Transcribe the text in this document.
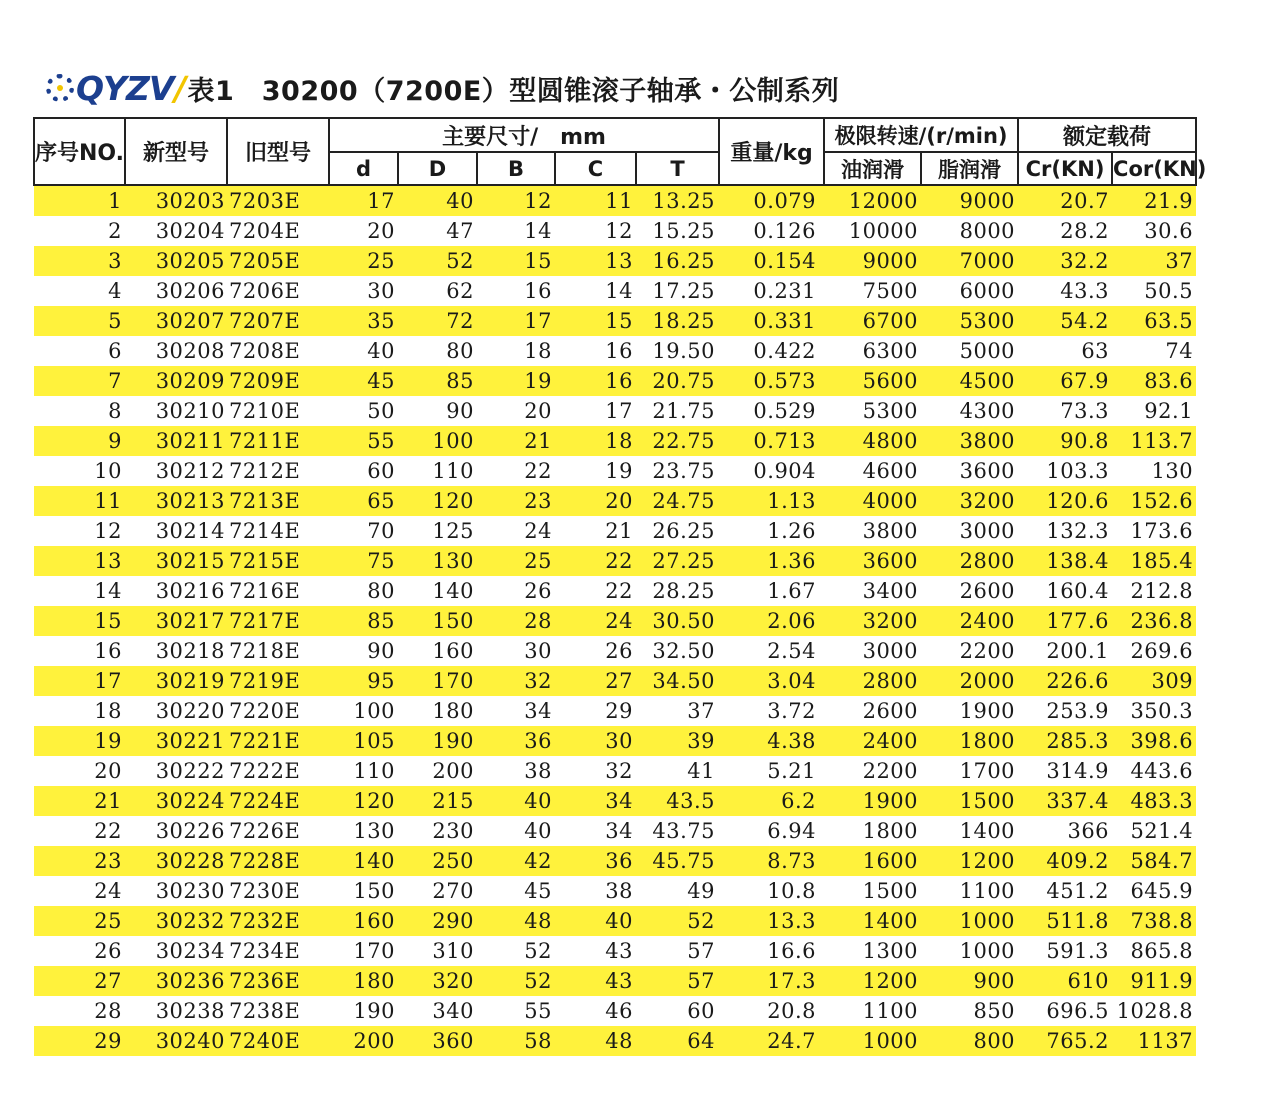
QYZV / 表1　30200（7200E）型圆锥滚子轴承・公制系列
序号NO.	新型号	旧型号	主要尺寸/　mm					重量/kg	极限转速/(r/min)		额定载荷	
			d	D	B	C	T		油润滑	脂润滑	Cr(KN)	Cor(KN)
1	30203	7203E	17	40	12	11	13.25	0.079	12000	9000	20.7	21.9
2	30204	7204E	20	47	14	12	15.25	0.126	10000	8000	28.2	30.6
3	30205	7205E	25	52	15	13	16.25	0.154	9000	7000	32.2	37
4	30206	7206E	30	62	16	14	17.25	0.231	7500	6000	43.3	50.5
5	30207	7207E	35	72	17	15	18.25	0.331	6700	5300	54.2	63.5
6	30208	7208E	40	80	18	16	19.50	0.422	6300	5000	63	74
7	30209	7209E	45	85	19	16	20.75	0.573	5600	4500	67.9	83.6
8	30210	7210E	50	90	20	17	21.75	0.529	5300	4300	73.3	92.1
9	30211	7211E	55	100	21	18	22.75	0.713	4800	3800	90.8	113.7
10	30212	7212E	60	110	22	19	23.75	0.904	4600	3600	103.3	130
11	30213	7213E	65	120	23	20	24.75	1.13	4000	3200	120.6	152.6
12	30214	7214E	70	125	24	21	26.25	1.26	3800	3000	132.3	173.6
13	30215	7215E	75	130	25	22	27.25	1.36	3600	2800	138.4	185.4
14	30216	7216E	80	140	26	22	28.25	1.67	3400	2600	160.4	212.8
15	30217	7217E	85	150	28	24	30.50	2.06	3200	2400	177.6	236.8
16	30218	7218E	90	160	30	26	32.50	2.54	3000	2200	200.1	269.6
17	30219	7219E	95	170	32	27	34.50	3.04	2800	2000	226.6	309
18	30220	7220E	100	180	34	29	37	3.72	2600	1900	253.9	350.3
19	30221	7221E	105	190	36	30	39	4.38	2400	1800	285.3	398.6
20	30222	7222E	110	200	38	32	41	5.21	2200	1700	314.9	443.6
21	30224	7224E	120	215	40	34	43.5	6.2	1900	1500	337.4	483.3
22	30226	7226E	130	230	40	34	43.75	6.94	1800	1400	366	521.4
23	30228	7228E	140	250	42	36	45.75	8.73	1600	1200	409.2	584.7
24	30230	7230E	150	270	45	38	49	10.8	1500	1100	451.2	645.9
25	30232	7232E	160	290	48	40	52	13.3	1400	1000	511.8	738.8
26	30234	7234E	170	310	52	43	57	16.6	1300	1000	591.3	865.8
27	30236	7236E	180	320	52	43	57	17.3	1200	900	610	911.9
28	30238	7238E	190	340	55	46	60	20.8	1100	850	696.5	1028.8
29	30240	7240E	200	360	58	48	64	24.7	1000	800	765.2	1137
